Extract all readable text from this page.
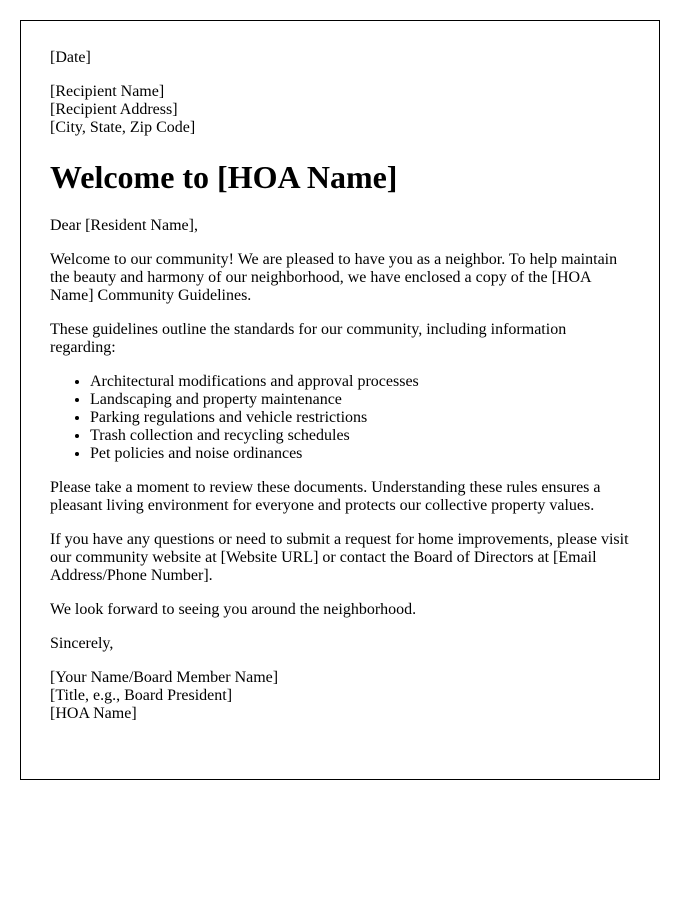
[Date]
[Recipient Name]
[Recipient Address]
[City, State, Zip Code]
Welcome to [HOA Name]

Dear [Resident Name],

Welcome to our community! We are pleased to have you as a neighbor. To help maintain the beauty and harmony of our neighborhood, we have enclosed a copy of the [HOA Name] Community Guidelines.

These guidelines outline the standards for our community, including information regarding:

• Architectural modifications and approval processes
• Landscaping and property maintenance
• Parking regulations and vehicle restrictions
• Trash collection and recycling schedules
• Pet policies and noise ordinances

Please take a moment to review these documents. Understanding these rules ensures a pleasant living environment for everyone and protects our collective property values.

If you have any questions or need to submit a request for home improvements, please visit our community website at [Website URL] or contact the Board of Directors at [Email Address/Phone Number].

We look forward to seeing you around the neighborhood.

Sincerely,

[Your Name/Board Member Name]
[Title, e.g., Board President]
[HOA Name]
